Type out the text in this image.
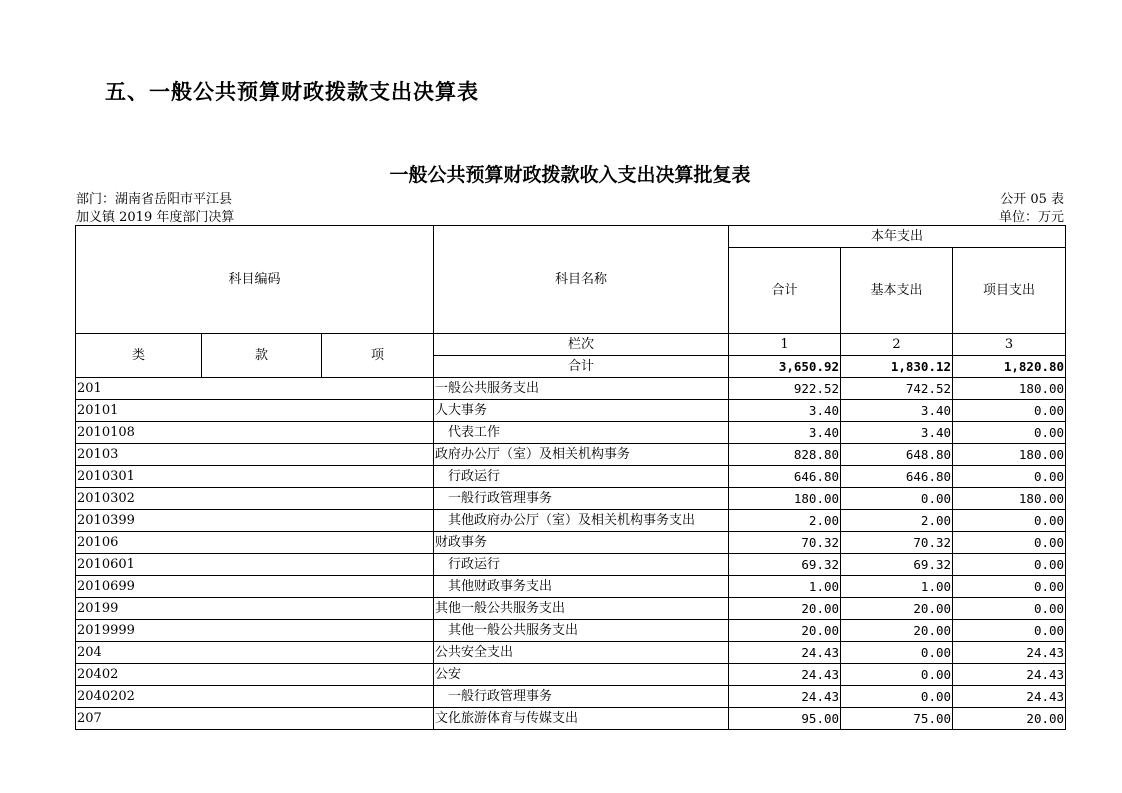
五、一般公共预算财政拨款支出决算表
一般公共预算财政拨款收入支出决算批复表
部门：湖南省岳阳市平江县
加义镇 2019 年度部门决算
公开 05 表
单位：万元
科目编码			科目名称	本年支出		
				合计	基本支出	项目支出
类	款	项	栏次	1	2	3
			合计	3,650.92	1,830.12	1,820.80
201			一般公共服务支出	922.52	742.52	180.00
20101			人大事务	3.40	3.40	0.00
2010108			代表工作	3.40	3.40	0.00
20103			政府办公厅（室）及相关机构事务	828.80	648.80	180.00
2010301			行政运行	646.80	646.80	0.00
2010302			一般行政管理事务	180.00	0.00	180.00
2010399			其他政府办公厅（室）及相关机构事务支出	2.00	2.00	0.00
20106			财政事务	70.32	70.32	0.00
2010601			行政运行	69.32	69.32	0.00
2010699			其他财政事务支出	1.00	1.00	0.00
20199			其他一般公共服务支出	20.00	20.00	0.00
2019999			其他一般公共服务支出	20.00	20.00	0.00
204			公共安全支出	24.43	0.00	24.43
20402			公安	24.43	0.00	24.43
2040202			一般行政管理事务	24.43	0.00	24.43
207			文化旅游体育与传媒支出	95.00	75.00	20.00
